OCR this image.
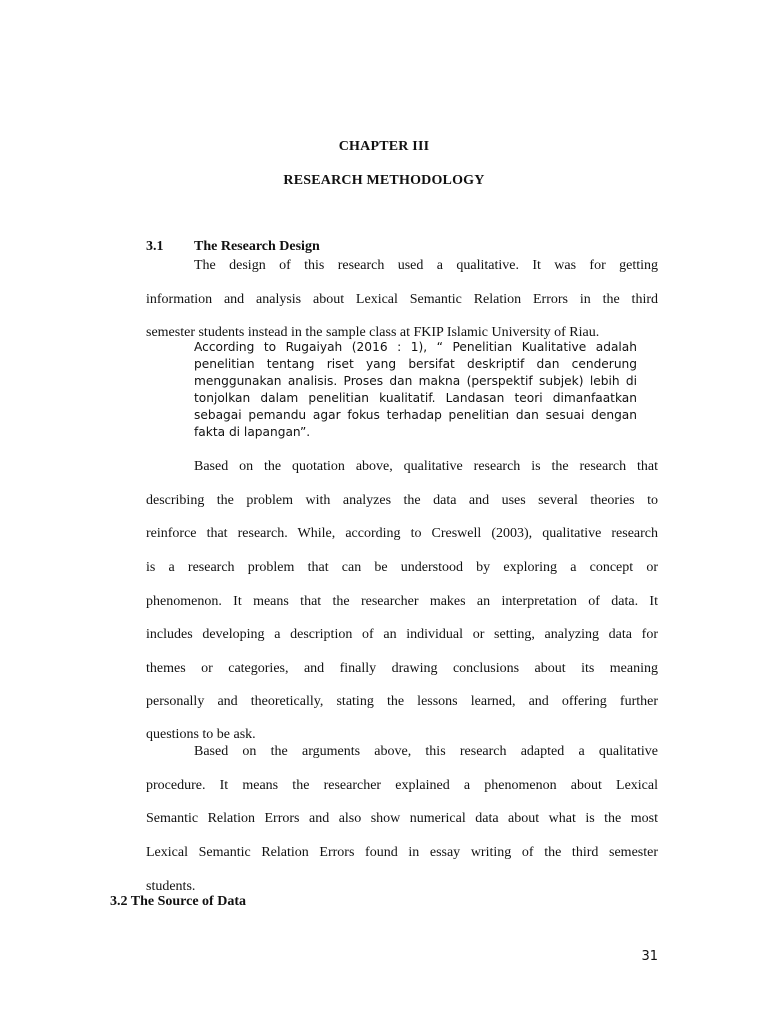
CHAPTER III
RESEARCH METHODOLOGY
3.1 The Research Design
The design of this research used a qualitative. It was for getting
information and analysis about Lexical Semantic Relation Errors in the third
semester students instead in the sample class at FKIP Islamic University of Riau.
According to Rugaiyah (2016 : 1), “ Penelitian Kualitative adalah
penelitian tentang riset yang bersifat deskriptif dan cenderung
menggunakan analisis. Proses dan makna (perspektif subjek) lebih di
tonjolkan dalam penelitian kualitatif. Landasan teori dimanfaatkan
sebagai pemandu agar fokus terhadap penelitian dan sesuai dengan
fakta di lapangan”.
Based on the quotation above, qualitative research is the research that
describing the problem with analyzes the data and uses several theories to
reinforce that research. While, according to Creswell (2003), qualitative research
is a research problem that can be understood by exploring a concept or
phenomenon. It means that the researcher makes an interpretation of data. It
includes developing a description of an individual or setting, analyzing data for
themes or categories, and finally drawing conclusions about its meaning
personally and theoretically, stating the lessons learned, and offering further
questions to be ask.
Based on the arguments above, this research adapted a qualitative
procedure. It means the researcher explained a phenomenon about Lexical
Semantic Relation Errors and also show numerical data about what is the most
Lexical Semantic Relation Errors found in essay writing of the third semester
students.
3.2 The Source of Data
31
